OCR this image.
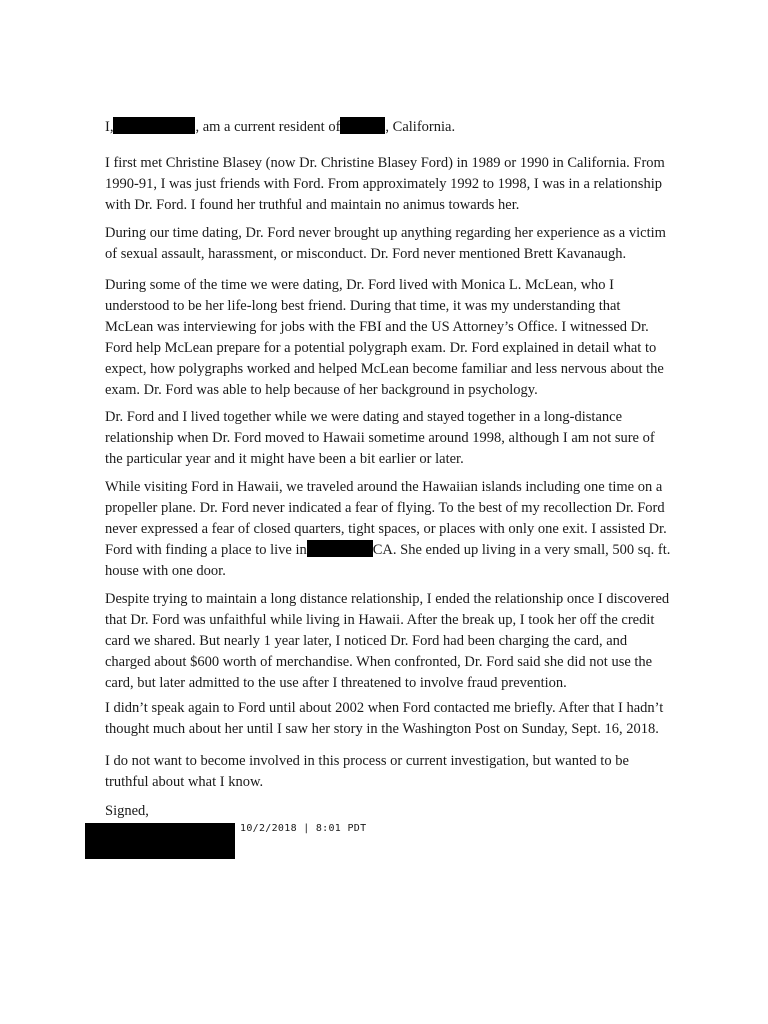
I,	, am a current resident of	, California.

I first met Christine Blasey (now Dr. Christine Blasey Ford) in 1989 or 1990 in California. From
1990-91, I was just friends with Ford. From approximately 1992 to 1998, I was in a relationship
with Dr. Ford. I found her truthful and maintain no animus towards her.

During our time dating, Dr. Ford never brought up anything regarding her experience as a victim
of sexual assault, harassment, or misconduct. Dr. Ford never mentioned Brett Kavanaugh.

During some of the time we were dating, Dr. Ford lived with Monica L. McLean, who I
understood to be her life-long best friend. During that time, it was my understanding that
McLean was interviewing for jobs with the FBI and the US Attorney’s Office. I witnessed Dr.
Ford help McLean prepare for a potential polygraph exam. Dr. Ford explained in detail what to
expect, how polygraphs worked and helped McLean become familiar and less nervous about the
exam. Dr. Ford was able to help because of her background in psychology.

Dr. Ford and I lived together while we were dating and stayed together in a long-distance
relationship when Dr. Ford moved to Hawaii sometime around 1998, although I am not sure of
the particular year and it might have been a bit earlier or later.

While visiting Ford in Hawaii, we traveled around the Hawaiian islands including one time on a
propeller plane. Dr. Ford never indicated a fear of flying. To the best of my recollection Dr. Ford
never expressed a fear of closed quarters, tight spaces, or places with only one exit. I assisted Dr.
Ford with finding a place to live in	CA. She ended up living in a very small, 500 sq. ft.
house with one door.

Despite trying to maintain a long distance relationship, I ended the relationship once I discovered
that Dr. Ford was unfaithful while living in Hawaii. After the break up, I took her off the credit
card we shared. But nearly 1 year later, I noticed Dr. Ford had been charging the card, and
charged about $600 worth of merchandise. When confronted, Dr. Ford said she did not use the
card, but later admitted to the use after I threatened to involve fraud prevention.

I didn’t speak again to Ford until about 2002 when Ford contacted me briefly. After that I hadn’t
thought much about her until I saw her story in the Washington Post on Sunday, Sept. 16, 2018.

I do not want to become involved in this process or current investigation, but wanted to be
truthful about what I know.

Signed,
10/2/2018 | 8:01 PDT
